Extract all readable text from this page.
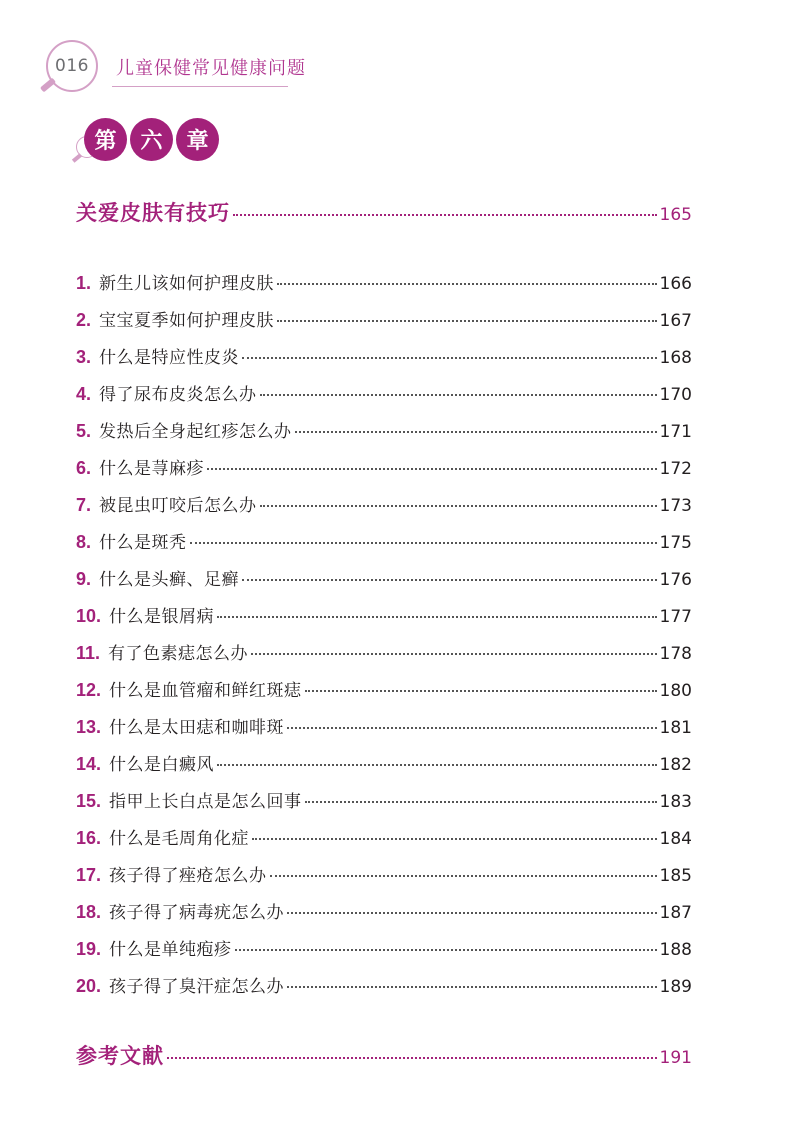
016	儿童保健常见健康问题
第	六	章
关爱皮肤有技巧	165
1. 新生儿该如何护理皮肤	166
2. 宝宝夏季如何护理皮肤	167
3. 什么是特应性皮炎	168
4. 得了尿布皮炎怎么办	170
5. 发热后全身起红疹怎么办	171
6. 什么是荨麻疹	172
7. 被昆虫叮咬后怎么办	173
8. 什么是斑秃	175
9. 什么是头癣、足癣	176
10. 什么是银屑病	177
11. 有了色素痣怎么办	178
12. 什么是血管瘤和鲜红斑痣	180
13. 什么是太田痣和咖啡斑	181
14. 什么是白癜风	182
15. 指甲上长白点是怎么回事	183
16. 什么是毛周角化症	184
17. 孩子得了痤疮怎么办	185
18. 孩子得了病毒疣怎么办	187
19. 什么是单纯疱疹	188
20. 孩子得了臭汗症怎么办	189
参考文献	191
